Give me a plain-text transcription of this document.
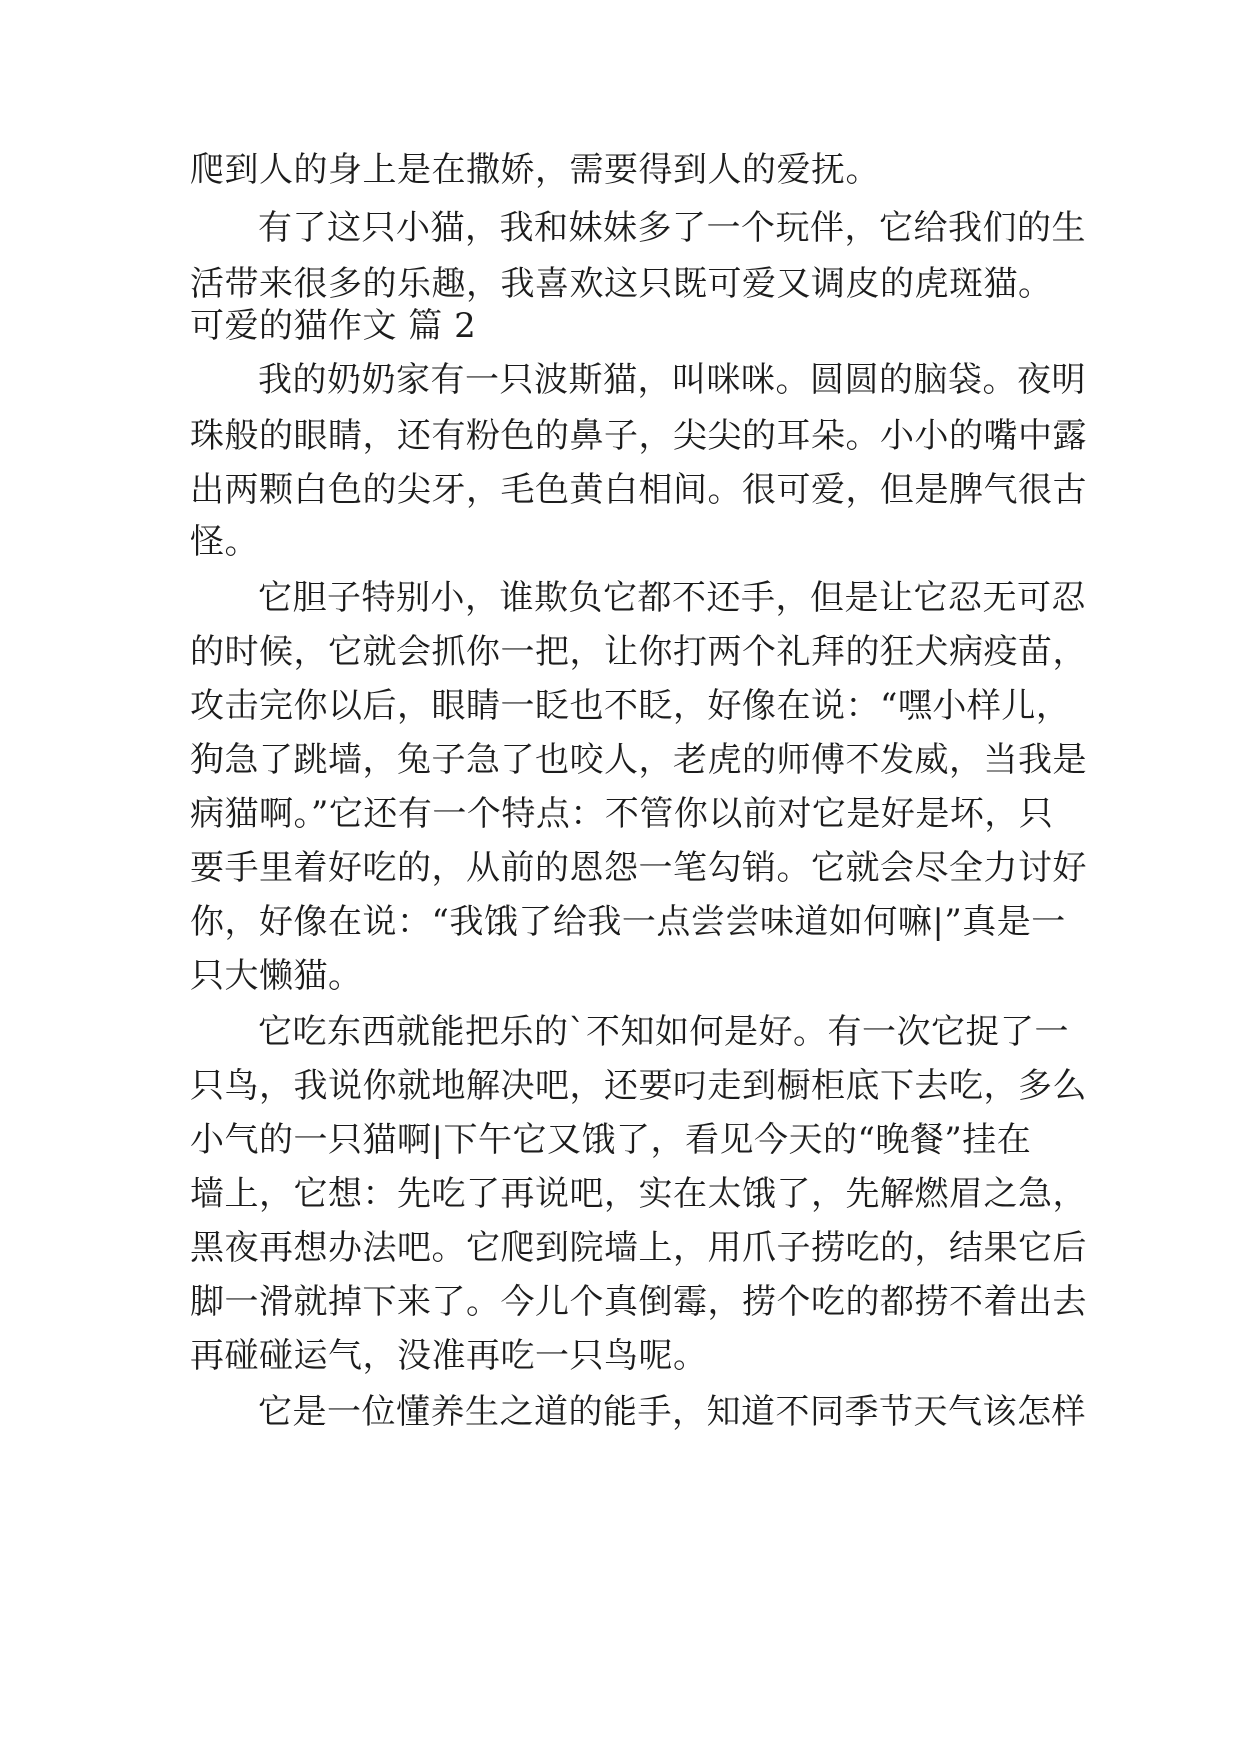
爬到人的身上是在撒娇，需要得到人的爱抚。
有了这只小猫，我和妹妹多了一个玩伴，它给我们的生
活带来很多的乐趣，我喜欢这只既可爱又调皮的虎斑猫。
可爱的猫作文 篇 2
我的奶奶家有一只波斯猫，叫咪咪。圆圆的脑袋。夜明
珠般的眼睛，还有粉色的鼻子，尖尖的耳朵。小小的嘴中露
出两颗白色的尖牙，毛色黄白相间。很可爱，但是脾气很古
怪。
它胆子特别小，谁欺负它都不还手，但是让它忍无可忍
的时候，它就会抓你一把，让你打两个礼拜的狂犬病疫苗，
攻击完你以后，眼睛一眨也不眨，好像在说：“嘿小样儿，
狗急了跳墙，兔子急了也咬人，老虎的师傅不发威，当我是
病猫啊。”它还有一个特点：不管你以前对它是好是坏，只
要手里着好吃的，从前的恩怨一笔勾销。它就会尽全力讨好
你，好像在说：“我饿了给我一点尝尝味道如何嘛|”真是一
只大懒猫。
它吃东西就能把乐的`不知如何是好。有一次它捉了一
只鸟，我说你就地解决吧，还要叼走到橱柜底下去吃，多么
小气的一只猫啊|下午它又饿了，看见今天的“晚餐”挂在
墙上，它想：先吃了再说吧，实在太饿了，先解燃眉之急，
黑夜再想办法吧。它爬到院墙上，用爪子捞吃的，结果它后
脚一滑就掉下来了。今儿个真倒霉，捞个吃的都捞不着出去
再碰碰运气，没准再吃一只鸟呢。
它是一位懂养生之道的能手，知道不同季节天气该怎样
